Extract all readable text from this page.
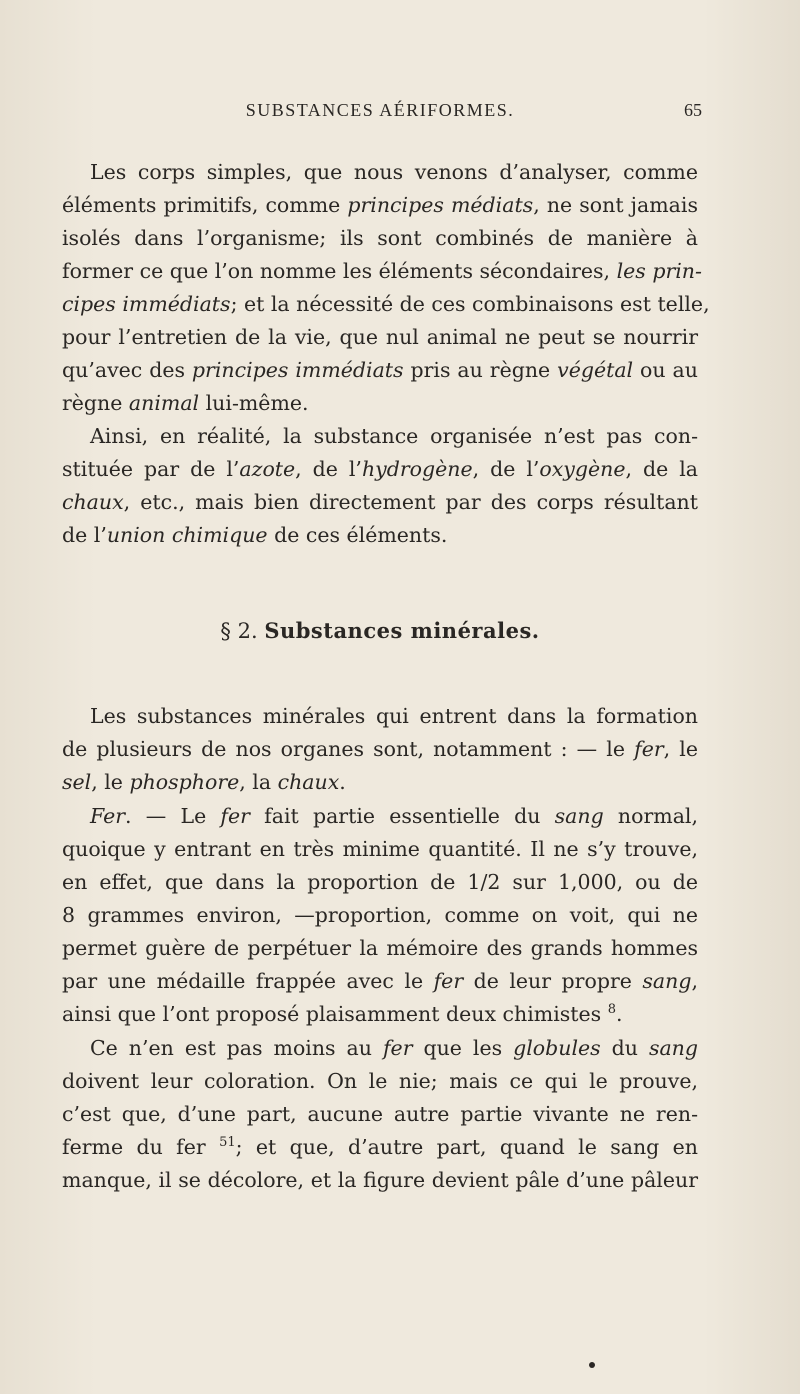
SUBSTANCES AÉRIFORMES.	65
Les corps simples, que nous venons d’analyser, comme
éléments primitifs, comme principes médiats, ne sont jamais
isolés dans l’organisme; ils sont combinés de manière à
former ce que l’on nomme les éléments sécondaires, les prin-
cipes immédiats; et la nécessité de ces combinaisons est telle,
pour l’entretien de la vie, que nul animal ne peut se nourrir
qu’avec des principes immédiats pris au règne végétal ou au
règne animal lui-même.
Ainsi, en réalité, la substance organisée n’est pas con-
stituée par de l’azote, de l’hydrogène, de l’oxygène, de la
chaux, etc., mais bien directement par des corps résultant
de l’union chimique de ces éléments.
§ 2. Substances minérales.
Les substances minérales qui entrent dans la formation
de plusieurs de nos organes sont, notamment : — le fer, le
sel, le phosphore, la chaux.
Fer. — Le fer fait partie essentielle du sang normal,
quoique y entrant en très minime quantité. Il ne s’y trouve,
en effet, que dans la proportion de 1/2 sur 1,000, ou de
8 grammes environ, —proportion, comme on voit, qui ne
permet guère de perpétuer la mémoire des grands hommes
par une médaille frappée avec le fer de leur propre sang,
ainsi que l’ont proposé plaisamment deux chimistes $^8$.
Ce n’en est pas moins au fer que les globules du sang
doivent leur coloration. On le nie; mais ce qui le prouve,
c’est que, d’une part, aucune autre partie vivante ne ren-
ferme du fer $^{51}$; et que, d’autre part, quand le sang en
manque, il se décolore, et la figure devient pâle d’une pâleur
